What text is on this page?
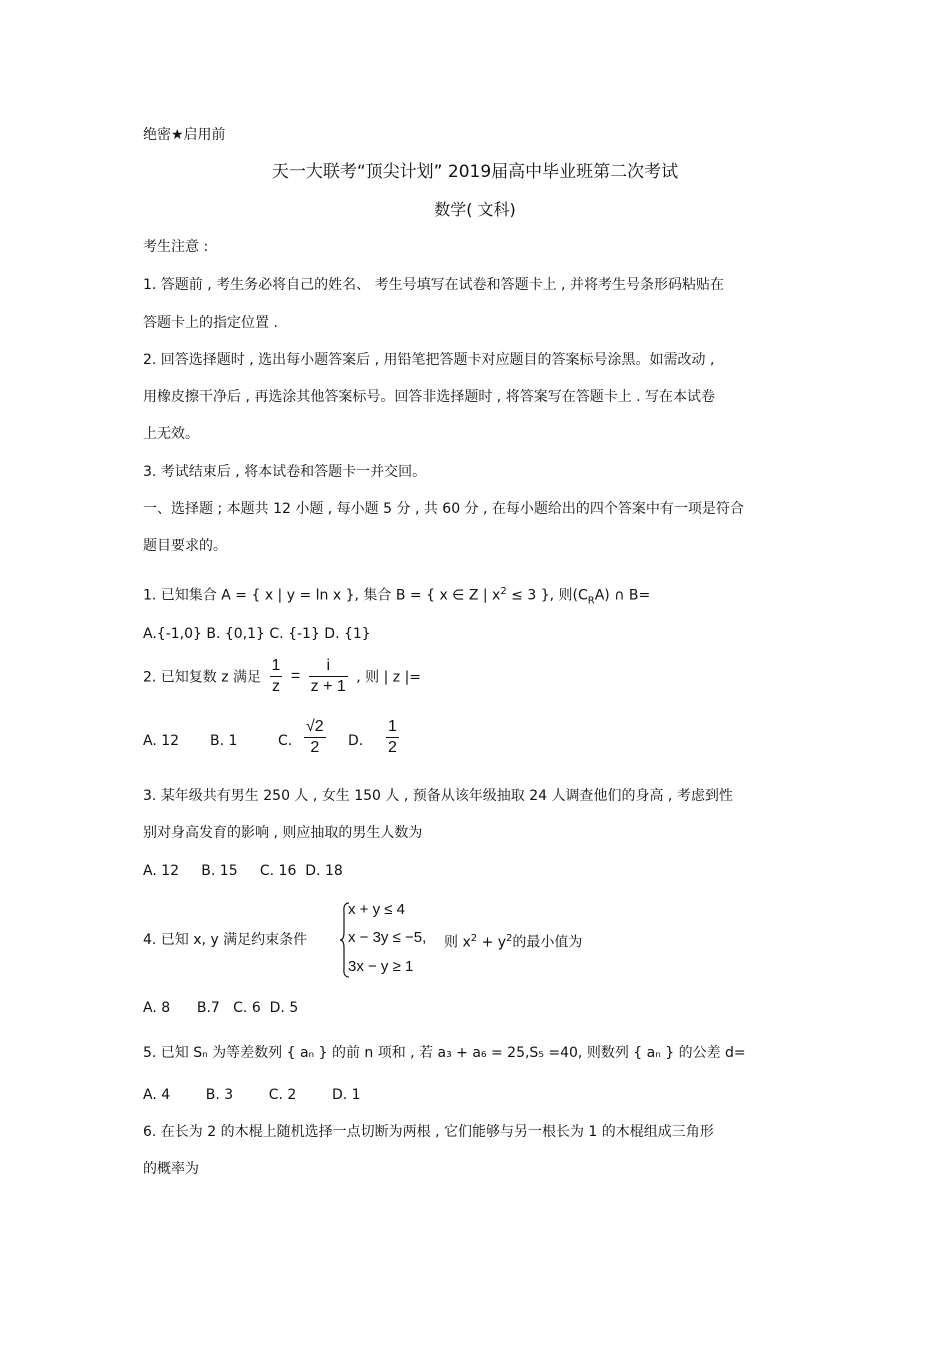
绝密★启用前
天一大联考“顶尖计划” 2019届高中毕业班第二次考试
数学( 文科)
考生注意 :
1. 答题前 , 考生务必将自己的姓名、 考生号填写在试卷和答题卡上 , 并将考生号条形码粘贴在
答题卡上的指定位置 .
2. 回答选择题时 , 选出每小题答案后 , 用铅笔把答题卡对应题目的答案标号涂黑。如需改动 ,
用橡皮擦干净后 , 再选涂其他答案标号。回答非选择题时 , 将答案写在答题卡上 . 写在本试卷
上无效。
3. 考试结束后 , 将本试卷和答题卡一并交回。
一、选择题 ; 本题共 12 小题 , 每小题 5 分 , 共 60 分 , 在每小题给出的四个答案中有一项是符合
题目要求的。
1. 已知集合 A = { x | y = ln x }, 集合 B = { x ∈ Z | $x^2 \le 3$ }, 则$(C_RA)$ ∩ B=
A.{-1,0} B. {0,1} C. {-1} D. {1}
2. 已知复数 z 满足 $\frac{1}{z} = \frac{i}{z + 1}$ , 则 | z |=
A. 12 B. 1	C. $\frac{√2}{2} D$. $\frac{1}{2}$
3. 某年级共有男生 250 人 , 女生 150 人 , 预备从该年级抽取 24 人调查他们的身高 , 考虑到性
别对身高发育的影响 , 则应抽取的男生人数为
A. 12     B. 15     C. 16  D. 18
4. 已知 x, y 满足约束条件
x + y ≤ 4
x − 3y ≤ −5,
3x − y ≥ 1
则 $x^2 + y^2$的最小值为
A. 8      B.7   C. 6  D. 5
5. 已知 Sₙ 为等差数列 { aₙ } 的前 n 项和 , 若 a₃ + a₆ = 25,S₅ =40, 则数列 { aₙ } 的公差 d=
A. 4        B. 3        C. 2        D. 1
6. 在长为 2 的木棍上随机选择一点切断为两根 , 它们能够与另一根长为 1 的木棍组成三角形
的概率为
